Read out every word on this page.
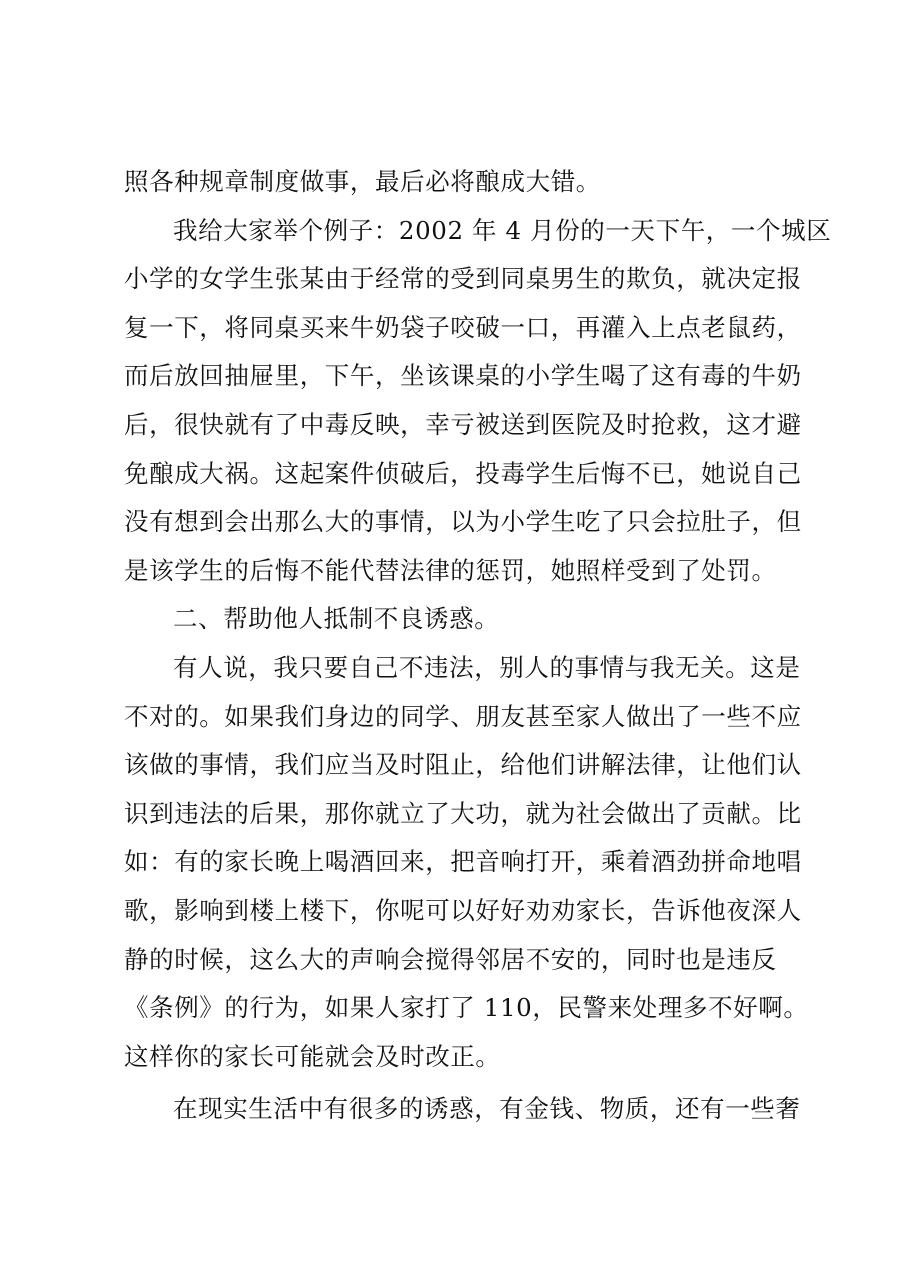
照各种规章制度做事，最后必将酿成大错。
我给大家举个例子：2002 年 4 月份的一天下午，一个城区
小学的女学生张某由于经常的受到同桌男生的欺负，就决定报
复一下，将同桌买来牛奶袋子咬破一口，再灌入上点老鼠药，
而后放回抽屉里，下午，坐该课桌的小学生喝了这有毒的牛奶
后，很快就有了中毒反映，幸亏被送到医院及时抢救，这才避
免酿成大祸。这起案件侦破后，投毒学生后悔不已，她说自己
没有想到会出那么大的事情，以为小学生吃了只会拉肚子，但
是该学生的后悔不能代替法律的惩罚，她照样受到了处罚。
二、帮助他人抵制不良诱惑。
有人说，我只要自己不违法，别人的事情与我无关。这是
不对的。如果我们身边的同学、朋友甚至家人做出了一些不应
该做的事情，我们应当及时阻止，给他们讲解法律，让他们认
识到违法的后果，那你就立了大功，就为社会做出了贡献。比
如：有的家长晚上喝酒回来，把音响打开，乘着酒劲拼命地唱
歌，影响到楼上楼下，你呢可以好好劝劝家长，告诉他夜深人
静的时候，这么大的声响会搅得邻居不安的，同时也是违反
《条例》的行为，如果人家打了 110，民警来处理多不好啊。
这样你的家长可能就会及时改正。
在现实生活中有很多的诱惑，有金钱、物质，还有一些奢
